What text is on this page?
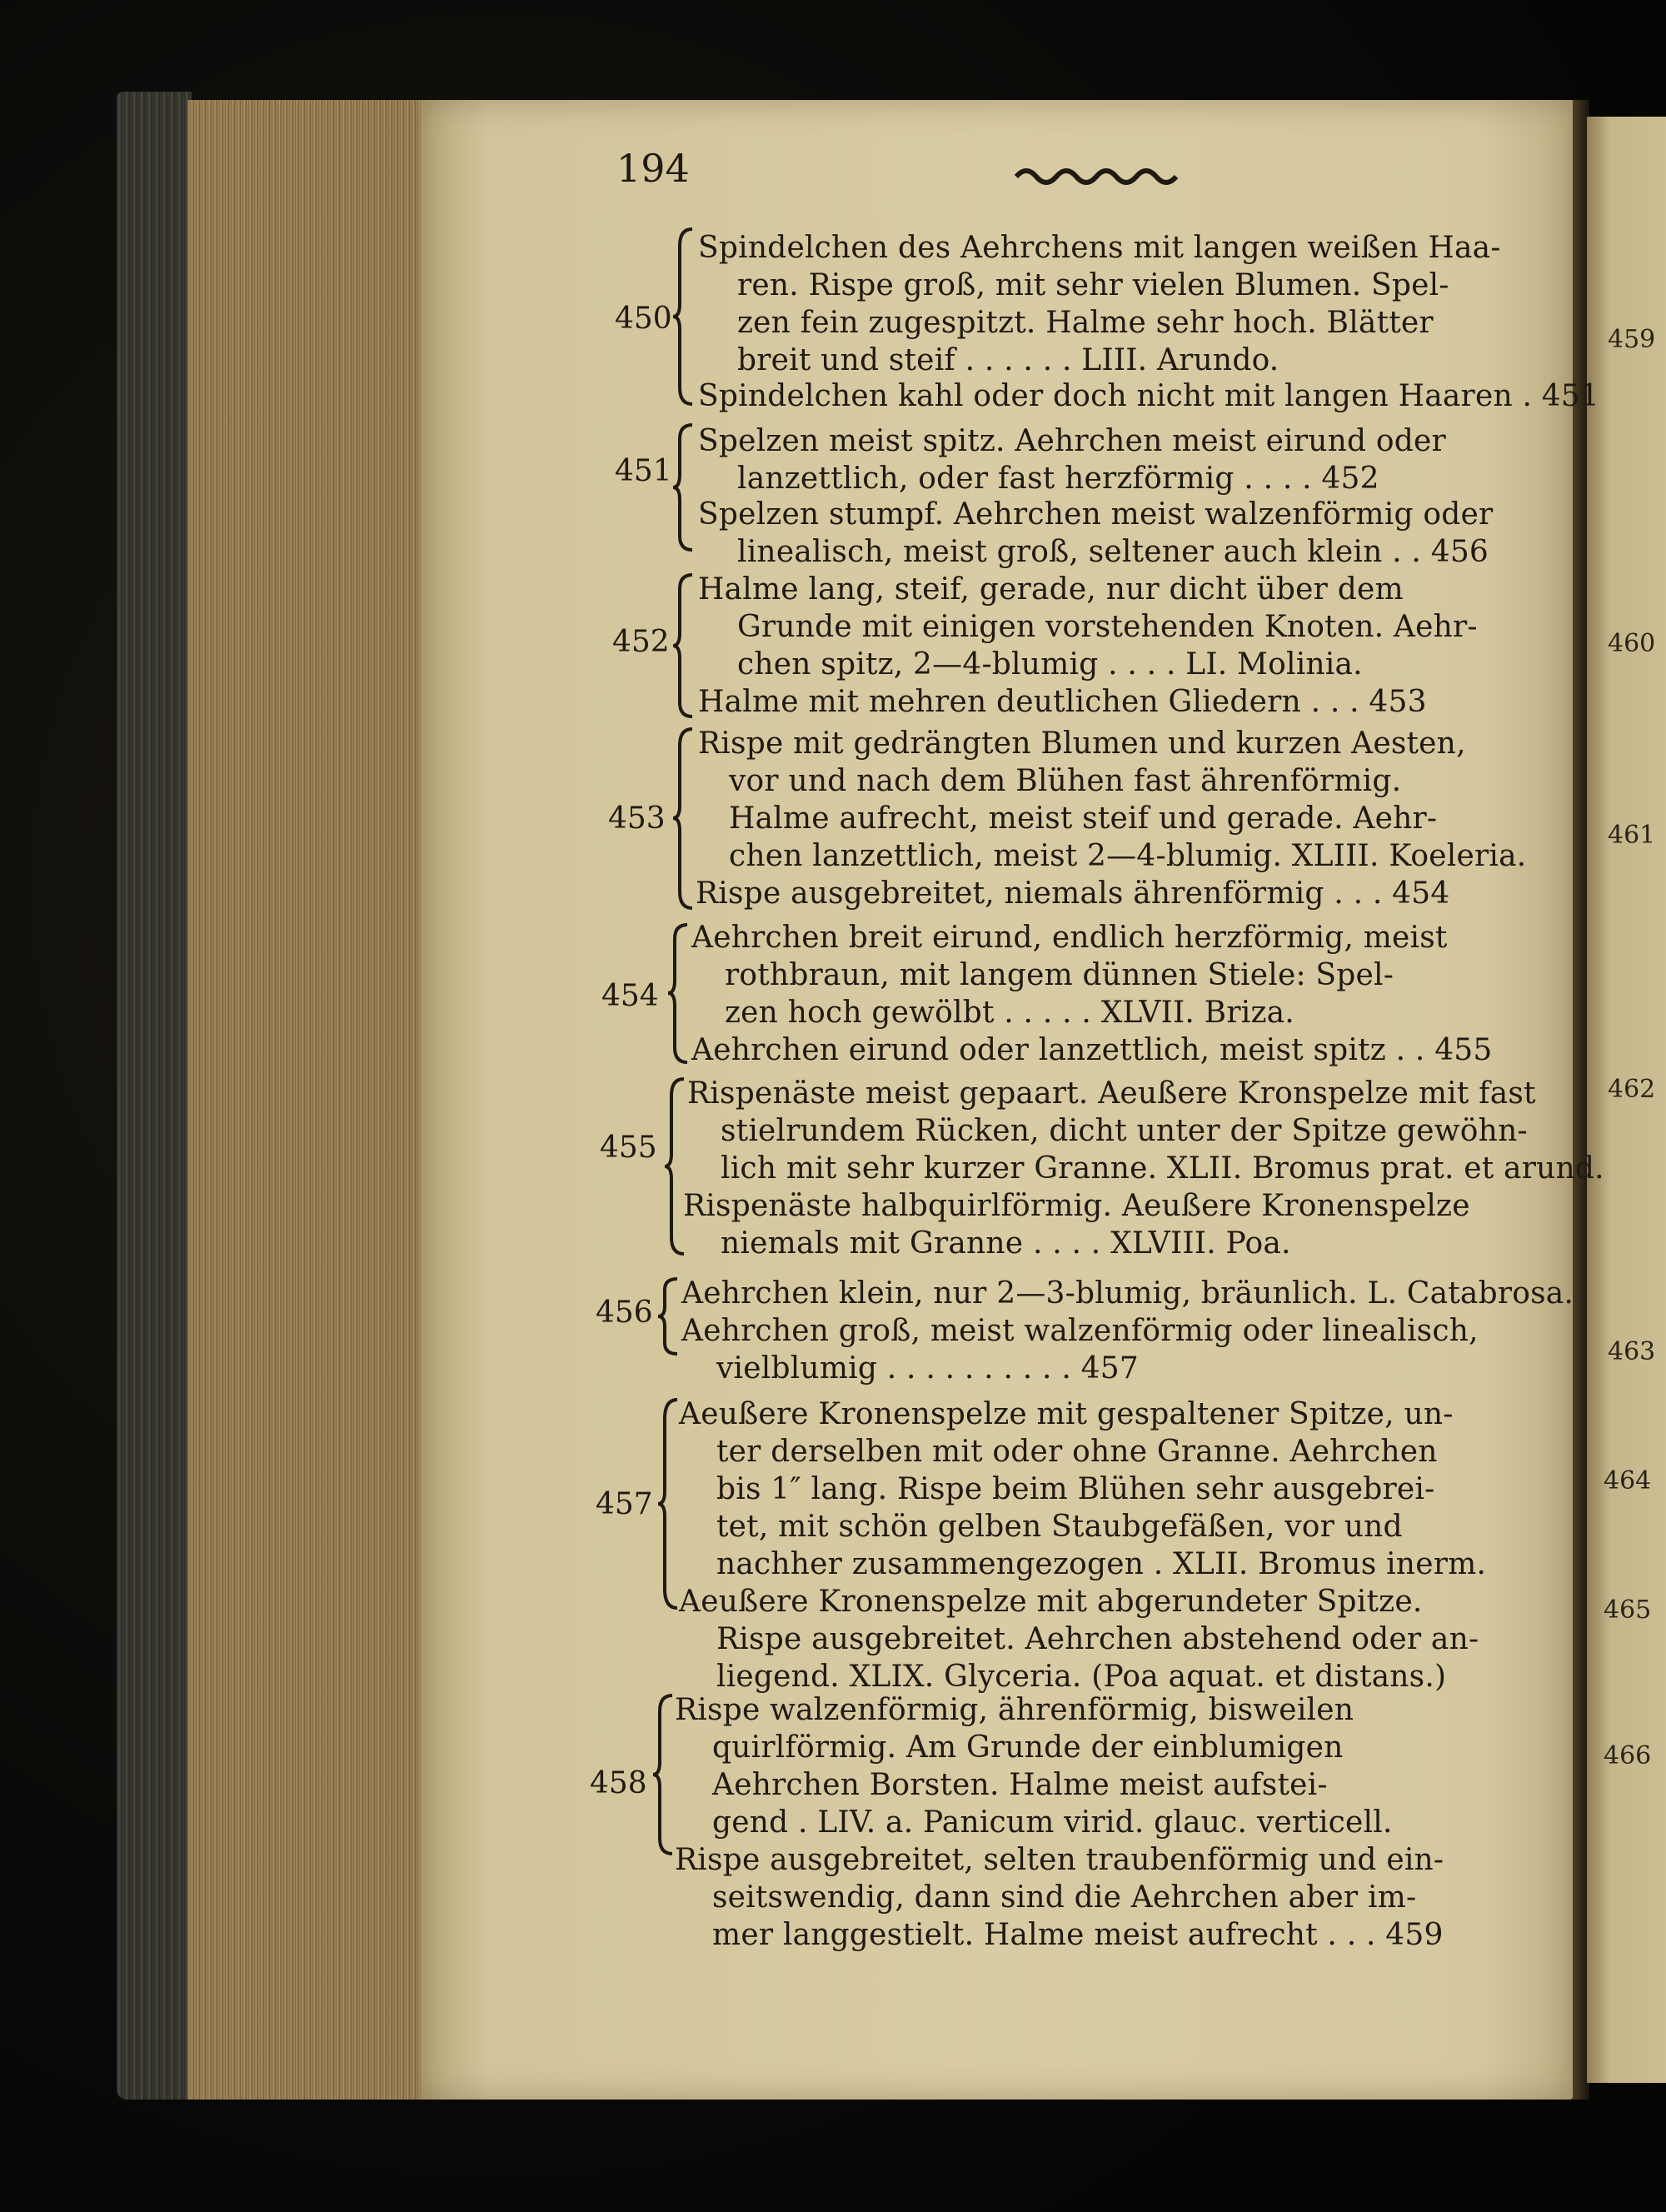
194
450
Spindelchen des Aehrchens mit langen weißen Haa-
ren. Rispe groß, mit sehr vielen Blumen. Spel-
zen fein zugespitzt. Halme sehr hoch. Blätter
breit und steif . . . . . . LIII. Arundo.
Spindelchen kahl oder doch nicht mit langen Haaren . 451
451
Spelzen meist spitz. Aehrchen meist eirund oder
lanzettlich, oder fast herzförmig . . . . 452
Spelzen stumpf. Aehrchen meist walzenförmig oder
linealisch, meist groß, seltener auch klein . . 456
452
Halme lang, steif, gerade, nur dicht über dem
Grunde mit einigen vorstehenden Knoten. Aehr-
chen spitz, 2—4-blumig . . . . LI. Molinia.
Halme mit mehren deutlichen Gliedern . . . 453
453
Rispe mit gedrängten Blumen und kurzen Aesten,
vor und nach dem Blühen fast ährenförmig.
Halme aufrecht, meist steif und gerade. Aehr-
chen lanzettlich, meist 2—4-blumig. XLIII. Koeleria.
Rispe ausgebreitet, niemals ährenförmig . . . 454
454
Aehrchen breit eirund, endlich herzförmig, meist
rothbraun, mit langem dünnen Stiele: Spel-
zen hoch gewölbt . . . . . XLVII. Briza.
Aehrchen eirund oder lanzettlich, meist spitz . . 455
455
Rispenäste meist gepaart. Aeußere Kronspelze mit fast
stielrundem Rücken, dicht unter der Spitze gewöhn-
lich mit sehr kurzer Granne. XLII. Bromus prat. et arund.
Rispenäste halbquirlförmig. Aeußere Kronenspelze
niemals mit Granne . . . . XLVIII. Poa.
456
Aehrchen klein, nur 2—3-blumig, bräunlich. L. Catabrosa.
Aehrchen groß, meist walzenförmig oder linealisch,
vielblumig . . . . . . . . . . 457
457
Aeußere Kronenspelze mit gespaltener Spitze, un-
ter derselben mit oder ohne Granne. Aehrchen
bis 1″ lang. Rispe beim Blühen sehr ausgebrei-
tet, mit schön gelben Staubgefäßen, vor und
nachher zusammengezogen . XLII. Bromus inerm.
Aeußere Kronenspelze mit abgerundeter Spitze.
Rispe ausgebreitet. Aehrchen abstehend oder an-
liegend. XLIX. Glyceria. (Poa aquat. et distans.)
458
Rispe walzenförmig, ährenförmig, bisweilen
quirlförmig. Am Grunde der einblumigen
Aehrchen Borsten. Halme meist aufstei-
gend . LIV. a. Panicum virid. glauc. verticell.
Rispe ausgebreitet, selten traubenförmig und ein-
seitswendig, dann sind die Aehrchen aber im-
mer langgestielt. Halme meist aufrecht . . . 459
459
460
461
462
463
464
465
466
